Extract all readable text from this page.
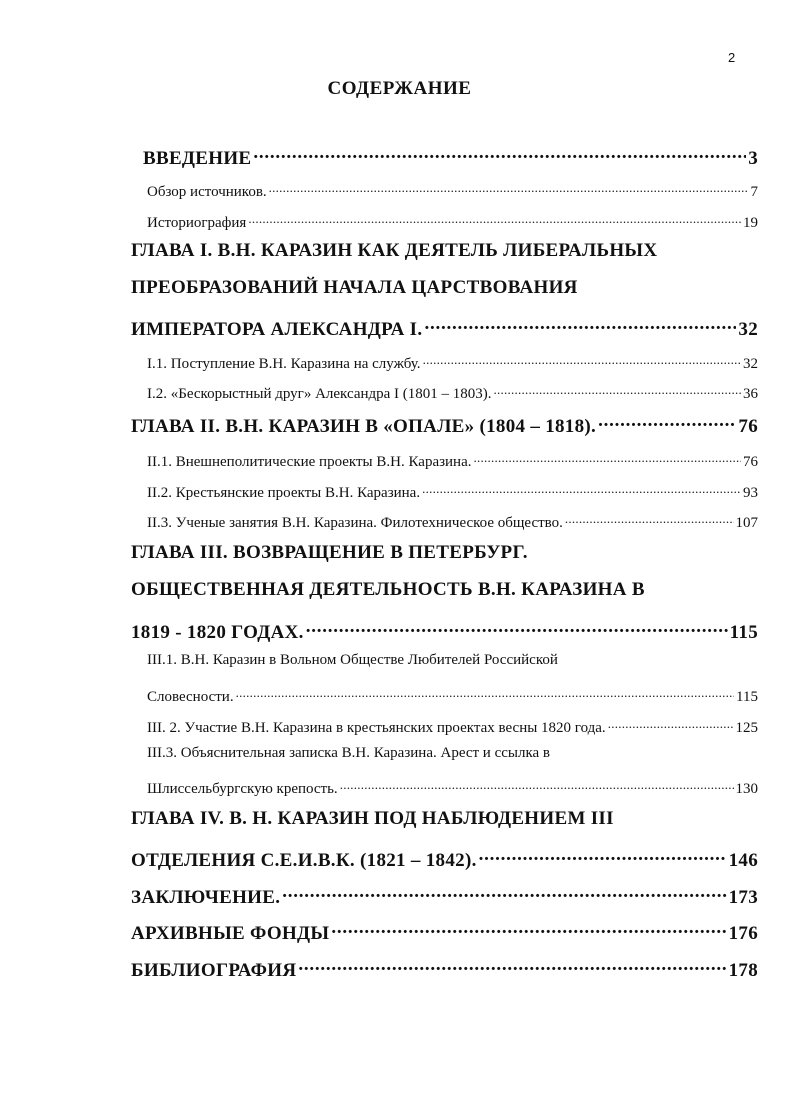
2
СОДЕРЖАНИЕ
ВВЕДЕНИЕ . . .	3
Обзор источников. . . .	7
Историография . . .	19
ГЛАВА I. В.Н. КАРАЗИН КАК ДЕЯТЕЛЬ ЛИБЕРАЛЬНЫХ
ПРЕОБРАЗОВАНИЙ НАЧАЛА ЦАРСТВОВАНИЯ
ИМПЕРАТОРА АЛЕКСАНДРА I. . . .	32
I.1. Поступление В.Н. Каразина на службу. . . .	32
I.2. «Бескорыстный друг» Александра I (1801 – 1803). . . .	36
ГЛАВА II. В.Н. КАРАЗИН В «ОПАЛЕ» (1804 – 1818). . . .	76
II.1. Внешнеполитические проекты В.Н. Каразина. . . .	76
II.2. Крестьянские проекты В.Н. Каразина. . . .	93
II.3. Ученые занятия В.Н. Каразина. Филотехническое общество. . . .	107
ГЛАВА III. ВОЗВРАЩЕНИЕ В ПЕТЕРБУРГ.
ОБЩЕСТВЕННАЯ ДЕЯТЕЛЬНОСТЬ В.Н. КАРАЗИНА В
1819 - 1820 ГОДАХ. . . .	115
III.1. В.Н. Каразин в Вольном Обществе Любителей Российской
Словесности. . . .	115
III. 2. Участие В.Н. Каразина в крестьянских проектах весны 1820 года. . . .	125
III.3. Объяснительная записка В.Н. Каразина. Арест и ссылка в
Шлиссельбургскую крепость. . . .	130
ГЛАВА IV. В. Н. КАРАЗИН ПОД НАБЛЮДЕНИЕМ III
ОТДЕЛЕНИЯ С.Е.И.В.К. (1821 – 1842). . . .	146
ЗАКЛЮЧЕНИЕ. . . .	173
АРХИВНЫЕ ФОНДЫ . . .	176
БИБЛИОГРАФИЯ . . .	178
